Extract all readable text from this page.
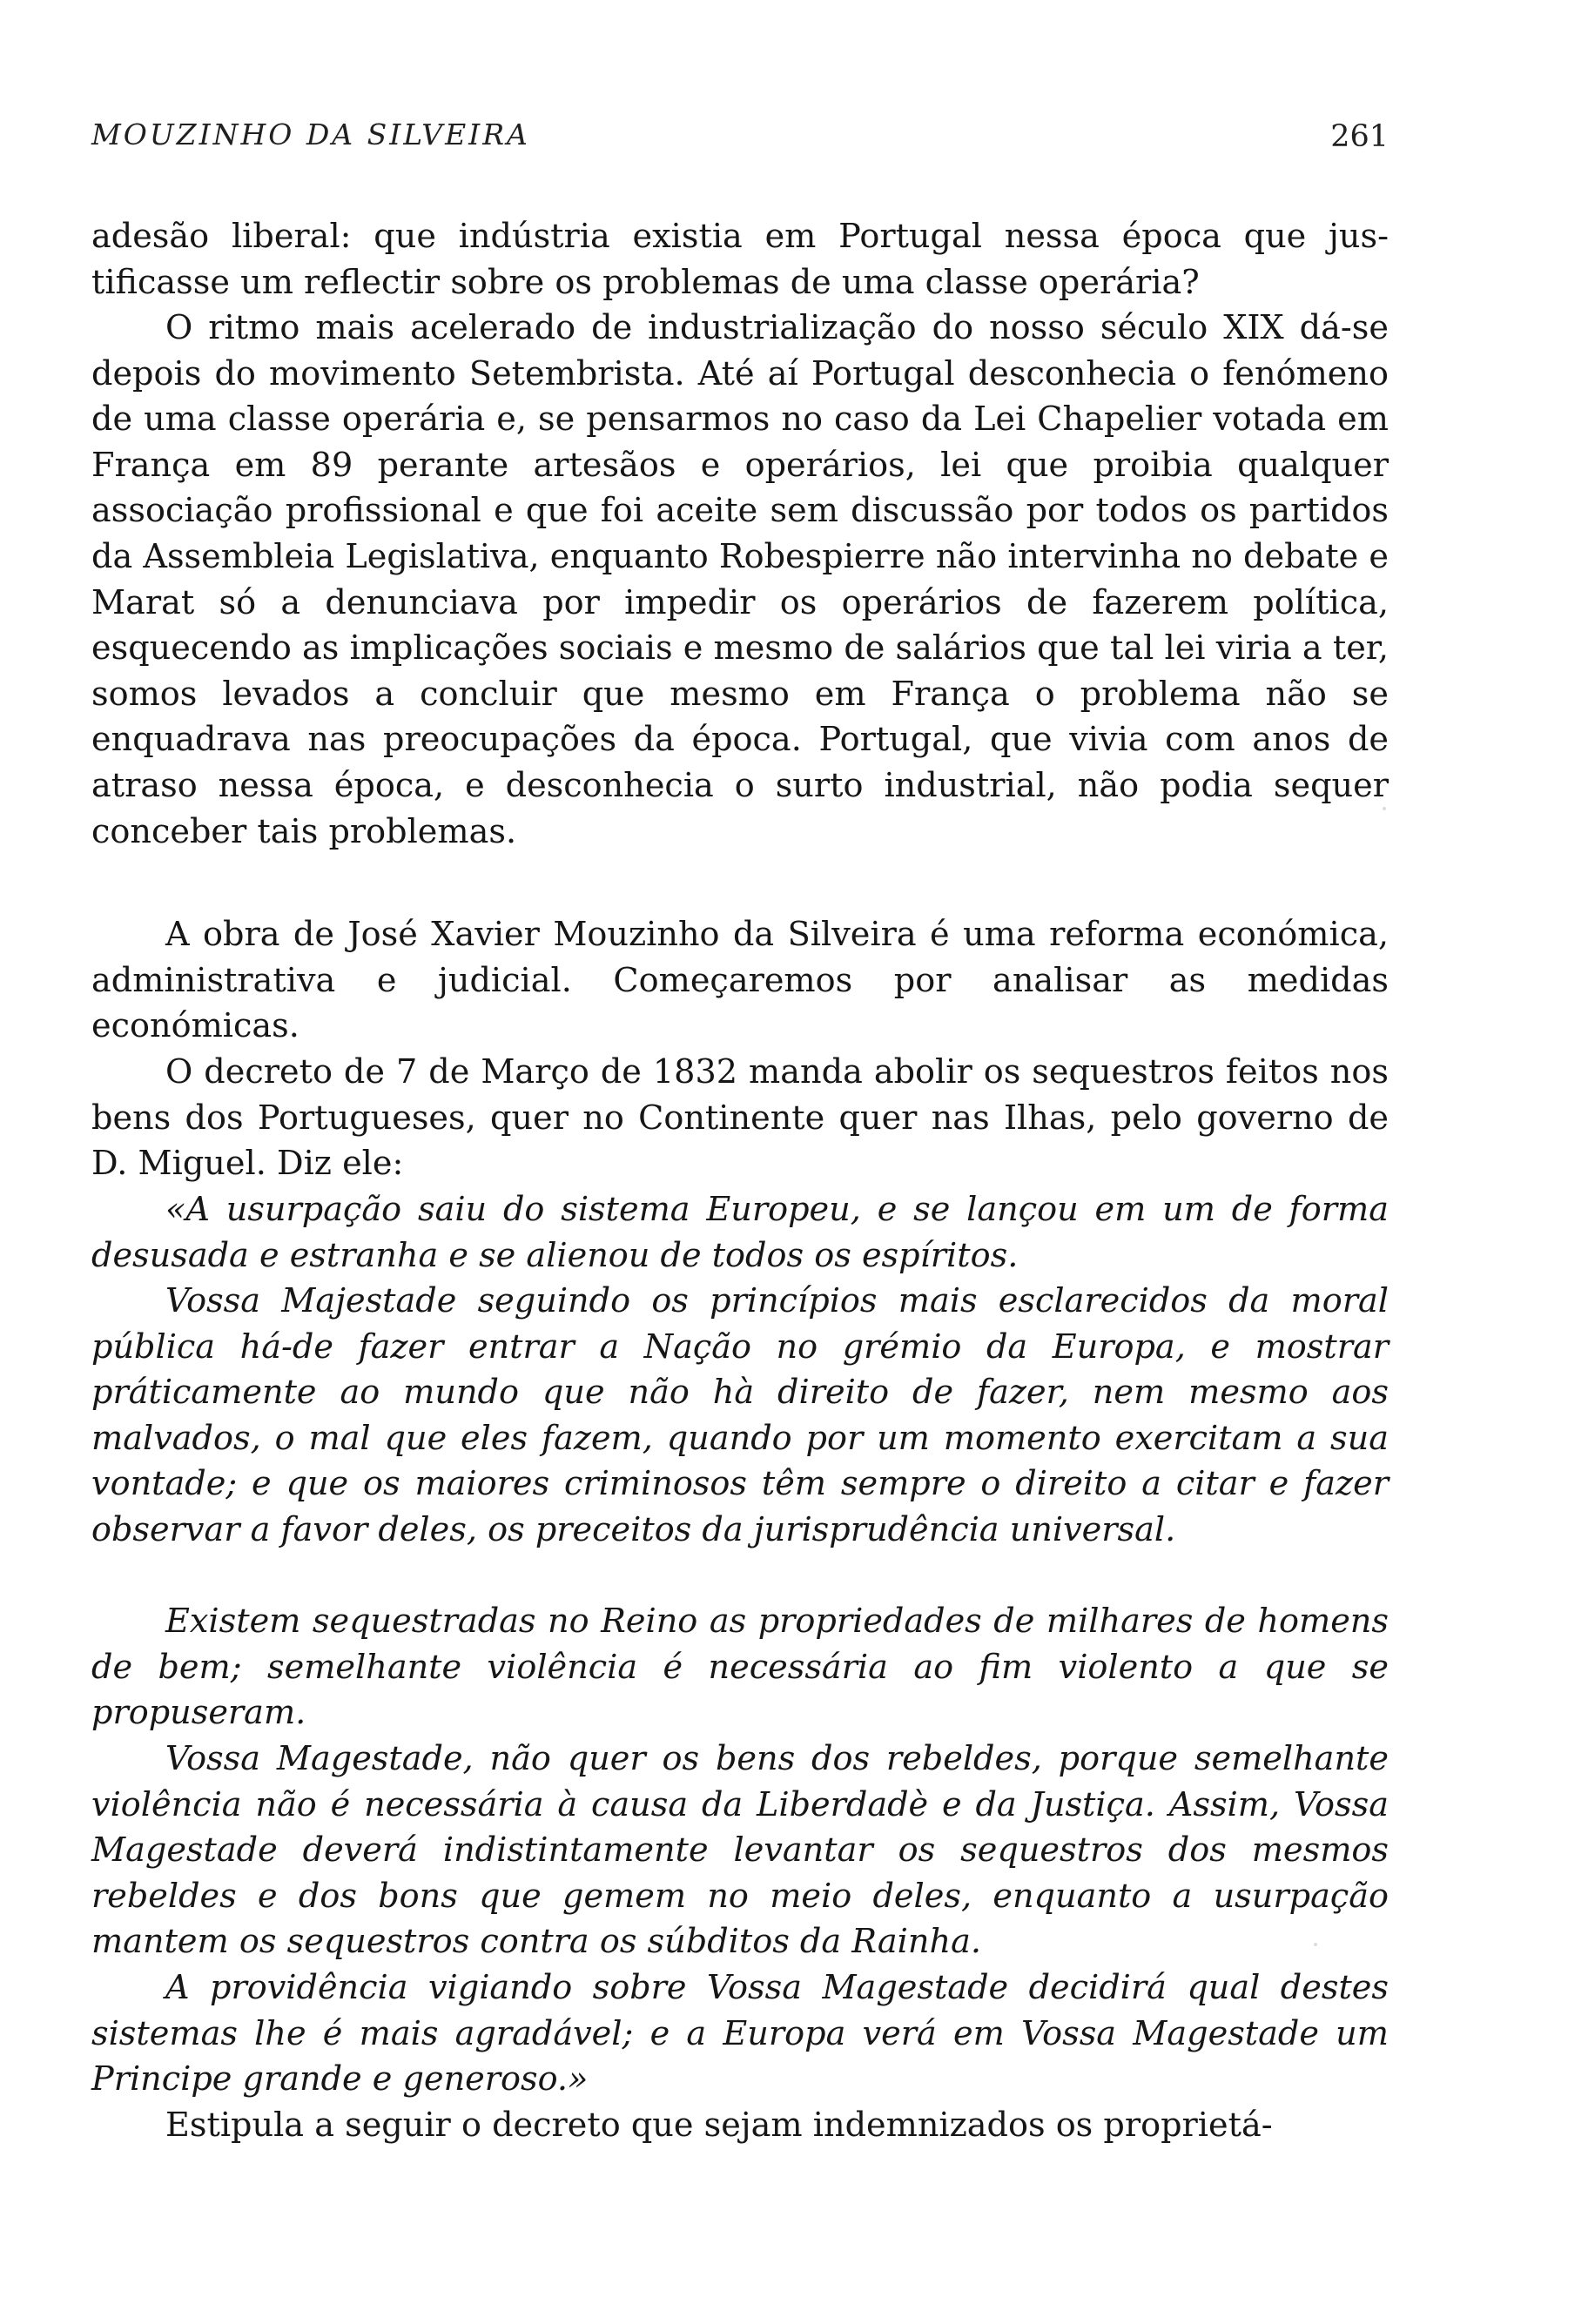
MOUZINHO DA SILVEIRA	261

adesão liberal: que indústria existia em Portugal nessa época que justificasse um reflectir sobre os problemas de uma classe operária?

O ritmo mais acelerado de industrialização do nosso século XIX dá-se depois do movimento Setembrista. Até aí Portugal desconhecia o fenómeno de uma classe operária e, se pensarmos no caso da Lei Chapelier votada em França em 89 perante artesãos e operários, lei que proibia qualquer associação profissional e que foi aceite sem discussão por todos os partidos da Assembleia Legislativa, enquanto Robespierre não intervinha no debate e Marat só a denunciava por impedir os operários de fazerem política, esquecendo as implicações sociais e mesmo de salários que tal lei viria a ter, somos levados a concluir que mesmo em França o problema não se enquadrava nas preocupações da época. Portugal, que vivia com anos de atraso nessa época, e desconhecia o surto industrial, não podia sequer conceber tais problemas.

A obra de José Xavier Mouzinho da Silveira é uma reforma económica, administrativa e judicial. Começaremos por analisar as medidas económicas.

O decreto de 7 de Março de 1832 manda abolir os sequestros feitos nos bens dos Portugueses, quer no Continente quer nas Ilhas, pelo governo de D. Miguel. Diz ele:

«A usurpação saiu do sistema Europeu, e se lançou em um de forma desusada e estranha e se alienou de todos os espíritos.

Vossa Majestade seguindo os princípios mais esclarecidos da moral pública há-de fazer entrar a Nação no grémio da Europa, e mostrar práticamente ao mundo que não hà direito de fazer, nem mesmo aos malvados, o mal que eles fazem, quando por um momento exercitam a sua vontade; e que os maiores criminosos têm sempre o direito a citar e fazer observar a favor deles, os preceitos da jurisprudência universal.

Existem sequestradas no Reino as propriedades de milhares de homens de bem; semelhante violência é necessária ao fim violento a que se propuseram.

Vossa Magestade, não quer os bens dos rebeldes, porque semelhante violência não é necessária à causa da Liberdadè e da Justiça. Assim, Vossa Magestade deverá indistintamente levantar os sequestros dos mesmos rebeldes e dos bons que gemem no meio deles, enquanto a usurpação mantem os sequestros contra os súbditos da Rainha.

A providência vigiando sobre Vossa Magestade decidirá qual destes sistemas lhe é mais agradável; e a Europa verá em Vossa Magestade um Principe grande e generoso.»

Estipula a seguir o decreto que sejam indemnizados os proprietá-
